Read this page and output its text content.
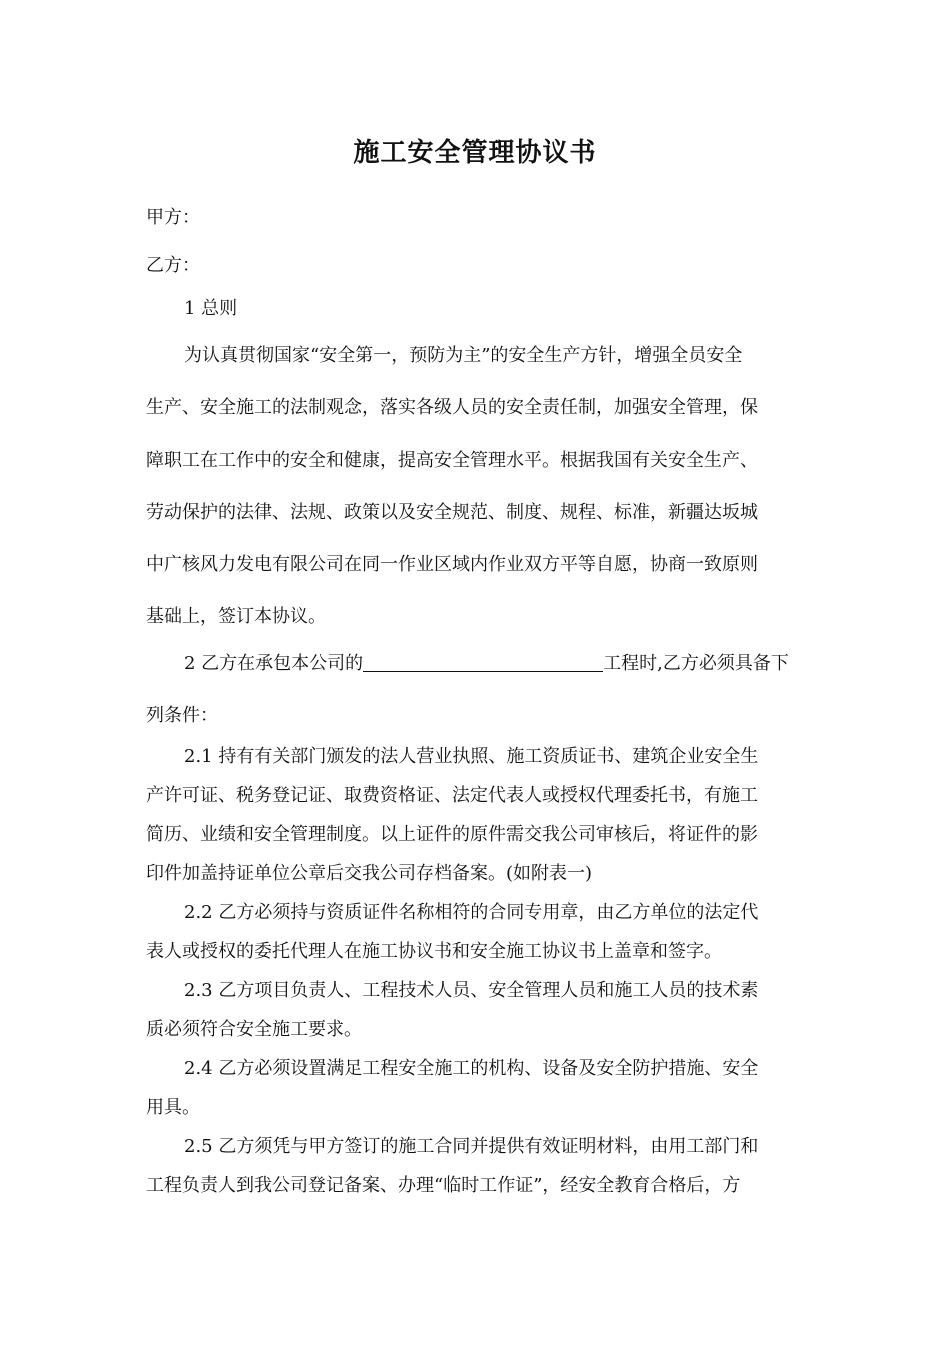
施工安全管理协议书

甲方：

乙方：

1 总则

为认真贯彻国家“安全第一，预防为主”的安全生产方针，增强全员安全

生产、安全施工的法制观念，落实各级人员的安全责任制，加强安全管理，保

障职工在工作中的安全和健康，提高安全管理水平。根据我国有关安全生产、

劳动保护的法律、法规、政策以及安全规范、制度、规程、标准，新疆达坂城

中广核风力发电有限公司在同一作业区域内作业双方平等自愿，协商一致原则

基础上，签订本协议。

2 乙方在承包本公司的	工程时,乙方必须具备下

列条件：

2.1 持有有关部门颁发的法人营业执照、施工资质证书、建筑企业安全生

产许可证、税务登记证、取费资格证、法定代表人或授权代理委托书，有施工

简历、业绩和安全管理制度。以上证件的原件需交我公司审核后，将证件的影

印件加盖持证单位公章后交我公司存档备案。(如附表一)

2.2 乙方必须持与资质证件名称相符的合同专用章，由乙方单位的法定代

表人或授权的委托代理人在施工协议书和安全施工协议书上盖章和签字。

2.3 乙方项目负责人、工程技术人员、安全管理人员和施工人员的技术素

质必须符合安全施工要求。

2.4 乙方必须设置满足工程安全施工的机构、设备及安全防护措施、安全

用具。

2.5 乙方须凭与甲方签订的施工合同并提供有效证明材料，由用工部门和

工程负责人到我公司登记备案、办理“临时工作证”，经安全教育合格后，方
